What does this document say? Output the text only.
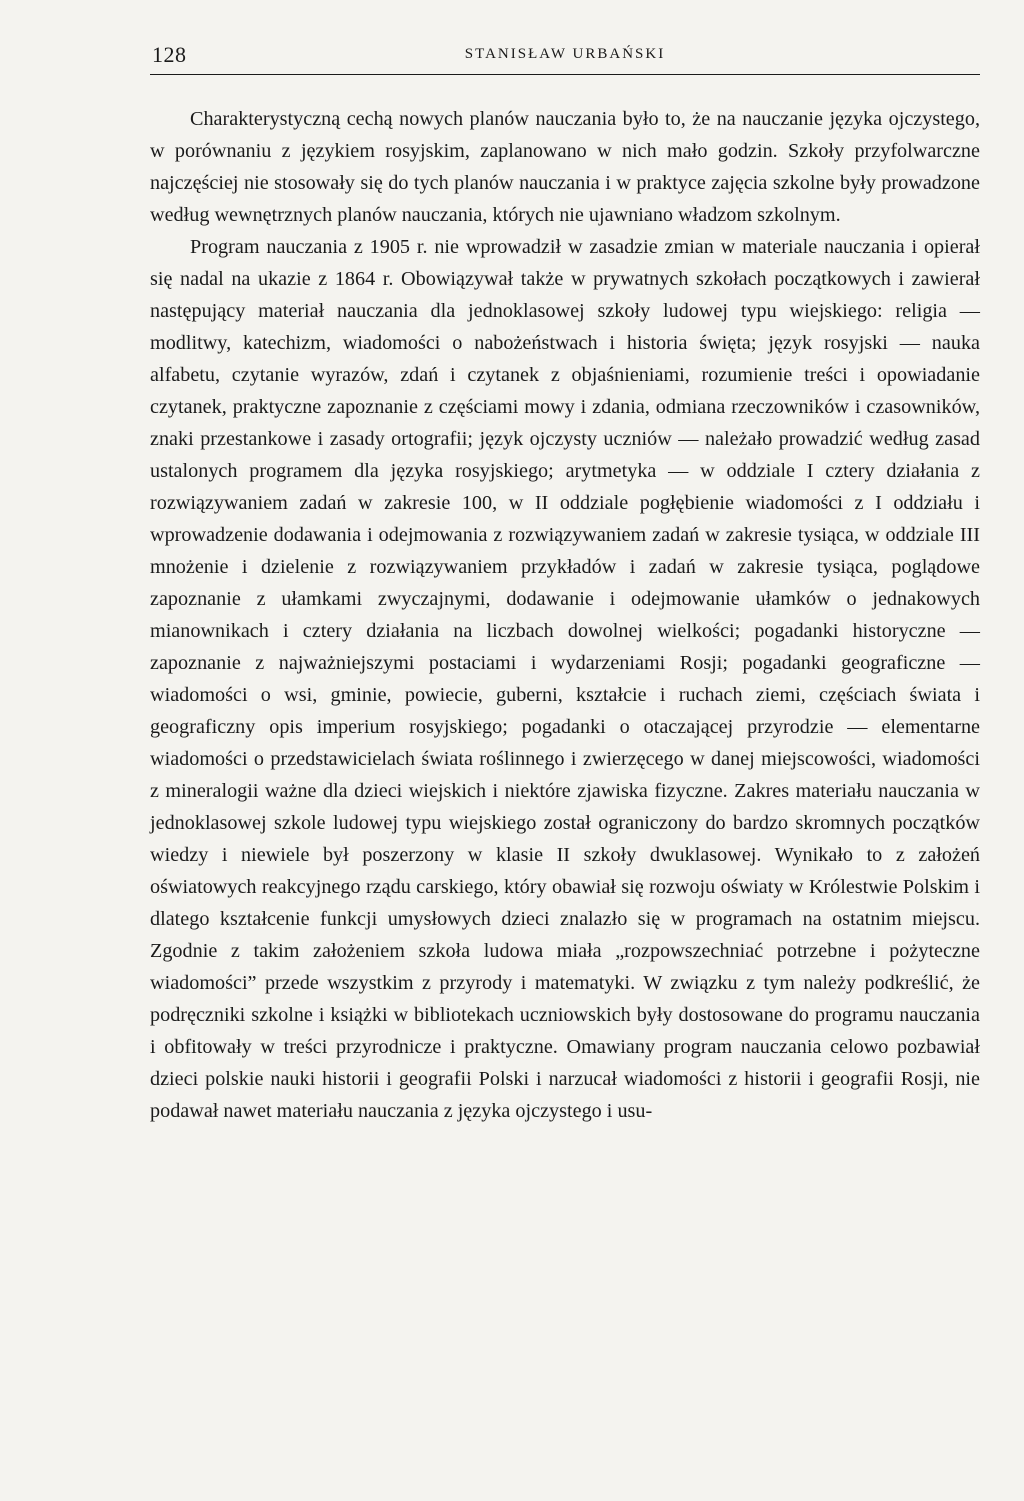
128	STANISŁAW URBAŃSKI

Charakterystyczną cechą nowych planów nauczania było to, że na nauczanie języka ojczystego, w porównaniu z językiem rosyjskim, zaplanowano w nich mało godzin. Szkoły przyfolwarczne najczęściej nie stosowały się do tych planów nauczania i w praktyce zajęcia szkolne były prowadzone według wewnętrznych planów nauczania, których nie ujawniano władzom szkolnym.

Program nauczania z 1905 r. nie wprowadził w zasadzie zmian w materiale nauczania i opierał się nadal na ukazie z 1864 r. Obowiązywał także w prywatnych szkołach początkowych i zawierał następujący materiał nauczania dla jednoklasowej szkoły ludowej typu wiejskiego: religia — modlitwy, katechizm, wiadomości o nabożeństwach i historia święta; język rosyjski — nauka alfabetu, czytanie wyrazów, zdań i czytanek z objaśnieniami, rozumienie treści i opowiadanie czytanek, praktyczne zapoznanie z częściami mowy i zdania, odmiana rzeczowników i czasowników, znaki przestankowe i zasady ortografii; język ojczysty uczniów — należało prowadzić według zasad ustalonych programem dla języka rosyjskiego; arytmetyka — w oddziale I cztery działania z rozwiązywaniem zadań w zakresie 100, w II oddziale pogłębienie wiadomości z I oddziału i wprowadzenie dodawania i odejmowania z rozwiązywaniem zadań w zakresie tysiąca, w oddziale III mnożenie i dzielenie z rozwiązywaniem przykładów i zadań w zakresie tysiąca, poglądowe zapoznanie z ułamkami zwyczajnymi, dodawanie i odejmowanie ułamków o jednakowych mianownikach i cztery działania na liczbach dowolnej wielkości; pogadanki historyczne — zapoznanie z najważniejszymi postaciami i wydarzeniami Rosji; pogadanki geograficzne — wiadomości o wsi, gminie, powiecie, guberni, kształcie i ruchach ziemi, częściach świata i geograficzny opis imperium rosyjskiego; pogadanki o otaczającej przyrodzie — elementarne wiadomości o przedstawicielach świata roślinnego i zwierzęcego w danej miejscowości, wiadomości z mineralogii ważne dla dzieci wiejskich i niektóre zjawiska fizyczne. Zakres materiału nauczania w jednoklasowej szkole ludowej typu wiejskiego został ograniczony do bardzo skromnych początków wiedzy i niewiele był poszerzony w klasie II szkoły dwuklasowej. Wynikało to z założeń oświatowych reakcyjnego rządu carskiego, który obawiał się rozwoju oświaty w Królestwie Polskim i dlatego kształcenie funkcji umysłowych dzieci znalazło się w programach na ostatnim miejscu. Zgodnie z takim założeniem szkoła ludowa miała „rozpowszechniać potrzebne i pożyteczne wiadomości” przede wszystkim z przyrody i matematyki. W związku z tym należy podkreślić, że podręczniki szkolne i książki w bibliotekach uczniowskich były dostosowane do programu nauczania i obfitowały w treści przyrodnicze i praktyczne. Omawiany program nauczania celowo pozbawiał dzieci polskie nauki historii i geografii Polski i narzucał wiadomości z historii i geografii Rosji, nie podawał nawet materiału nauczania z języka ojczystego i usu-
